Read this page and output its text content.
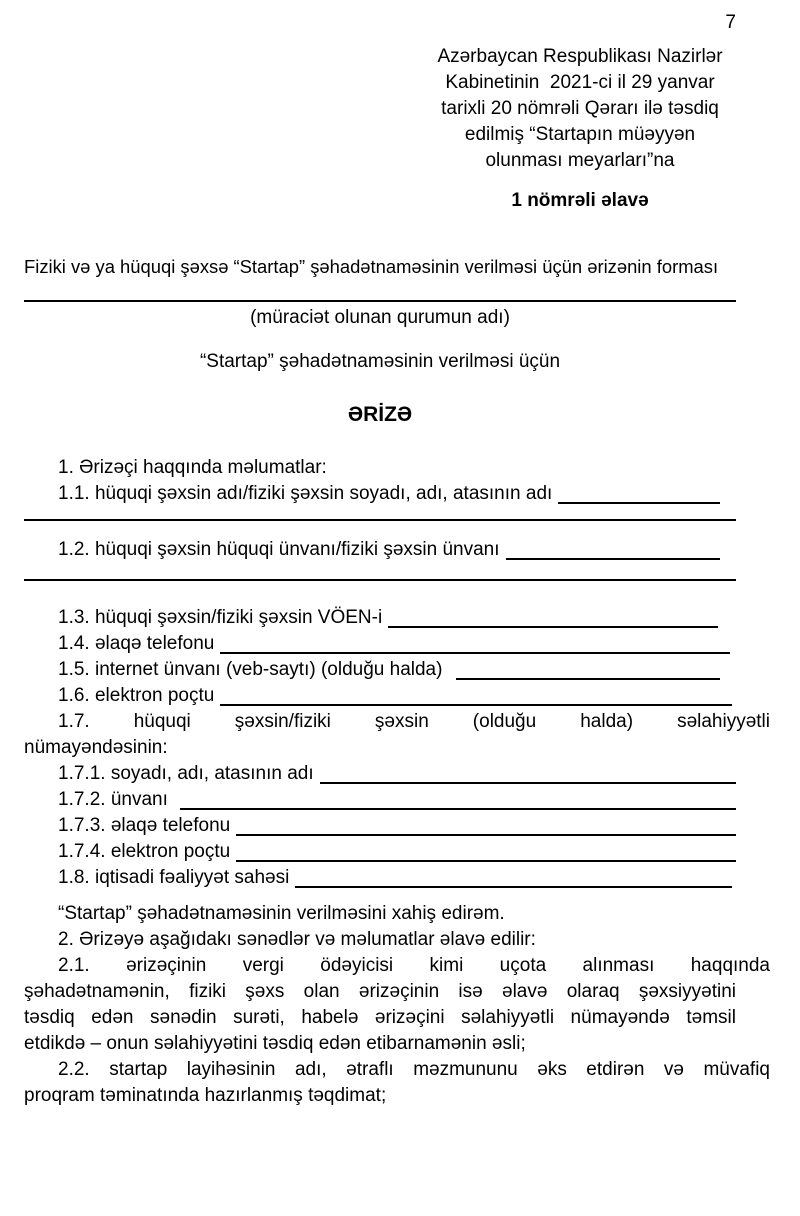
7
Azərbaycan Respublikası Nazirlər
Kabinetinin  2021-ci il 29 yanvar
tarixli 20 nömrəli Qərarı ilə təsdiq
edilmiş “Startapın müəyyən
olunması meyarları”na
1 nömrəli əlavə
Fiziki və ya hüquqi şəxsə “Startap” şəhadətnaməsinin verilməsi üçün ərizənin forması
(müraciət olunan qurumun adı)
“Startap” şəhadətnaməsinin verilməsi üçün
ƏRİZƏ
1. Ərizəçi haqqında məlumatlar:
1.1. hüquqi şəxsin adı/fiziki şəxsin soyadı, adı, atasının adı
1.2. hüquqi şəxsin hüquqi ünvanı/fiziki şəxsin ünvanı
1.3. hüquqi şəxsin/fiziki şəxsin VÖEN-i
1.4. əlaqə telefonu
1.5. internet ünvanı (veb-saytı) (olduğu halda)
1.6. elektron poçtu
1.7. hüquqi şəxsin/fiziki şəxsin (olduğu halda) səlahiyyətli
nümayəndəsinin:
1.7.1. soyadı, adı, atasının adı
1.7.2. ünvanı
1.7.3. əlaqə telefonu
1.7.4. elektron poçtu
1.8. iqtisadi fəaliyyət sahəsi
“Startap” şəhadətnaməsinin verilməsini xahiş edirəm.
2. Ərizəyə aşağıdakı sənədlər və məlumatlar əlavə edilir:
2.1. ərizəçinin vergi ödəyicisi kimi uçota alınması haqqında
şəhadətnamənin, fiziki şəxs olan ərizəçinin isə əlavə olaraq şəxsiyyətini
təsdiq edən sənədin surəti, habelə ərizəçini səlahiyyətli nümayəndə təmsil
etdikdə – onun səlahiyyətini təsdiq edən etibarnamənin əsli;
2.2. startap layihəsinin adı, ətraflı məzmununu əks etdirən və müvafiq
proqram təminatında hazırlanmış təqdimat;
